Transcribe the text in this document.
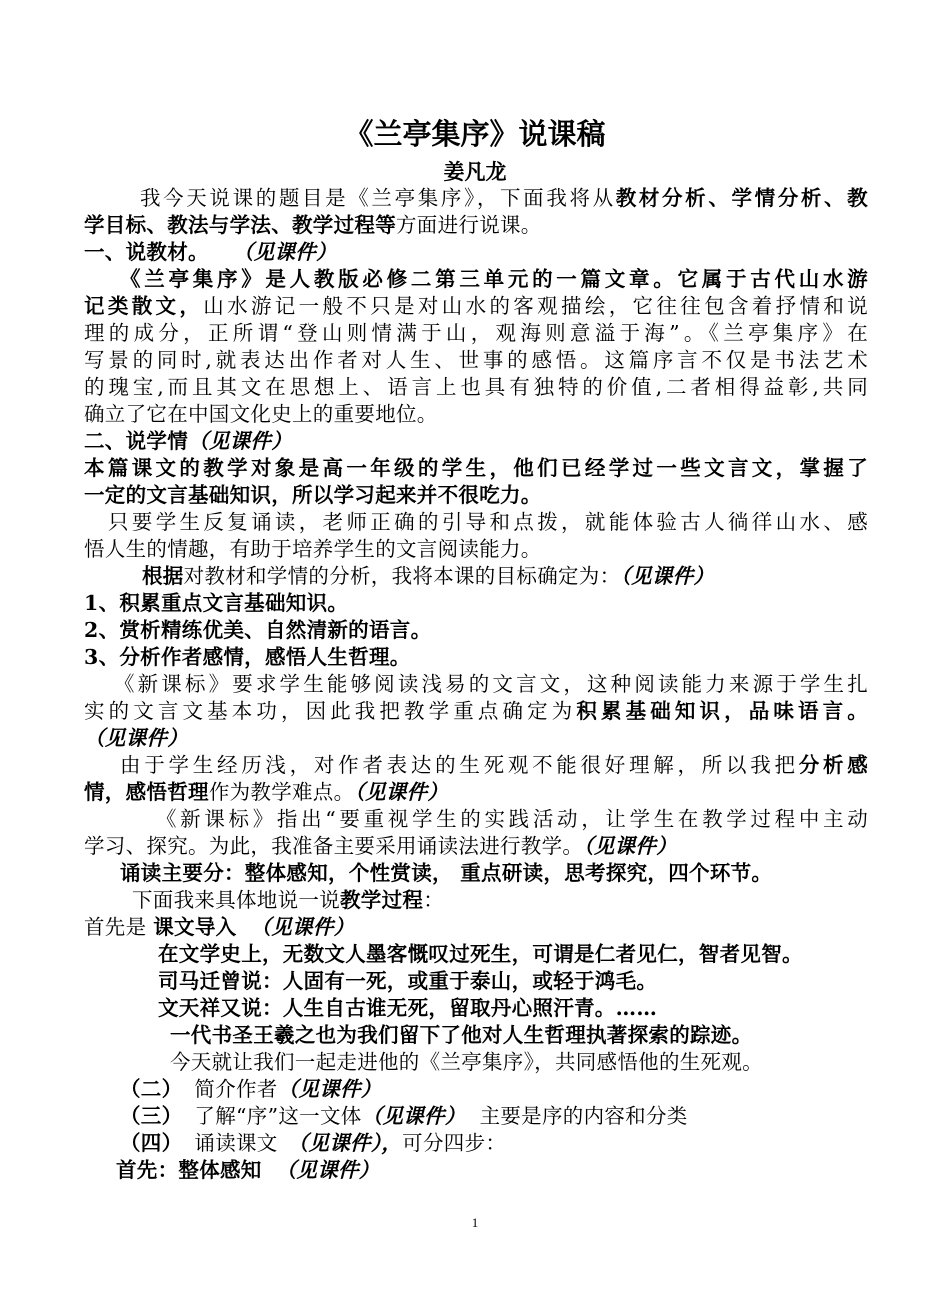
《兰亭集序》说课稿
姜凡龙
我今天说课的题目是《兰亭集序》，下面我将从教材分析、学情分析、教
学目标、教法与学法、教学过程等方面进行说课。
一、说教材。 （见课件）
《兰亭集序》是人教版必修二第三单元的一篇文章。它属于古代山水游
记类散文，山水游记一般不只是对山水的客观描绘，它往往包含着抒情和说
理的成分，正所谓“登山则情满于山，观海则意溢于海”。《兰亭集序》在
写景的同时,就表达出作者对人生、世事的感悟。这篇序言不仅是书法艺术
的瑰宝,而且其文在思想上、语言上也具有独特的价值,二者相得益彰,共同
确立了它在中国文化史上的重要地位。
二、说学情（见课件）
本篇课文的教学对象是高一年级的学生，他们已经学过一些文言文，掌握了
一定的文言基础知识，所以学习起来并不很吃力。
只要学生反复诵读，老师正确的引导和点拨，就能体验古人徜徉山水、感
悟人生的情趣，有助于培养学生的文言阅读能力。
根据对教材和学情的分析，我将本课的目标确定为：（见课件）
1、积累重点文言基础知识。
2、赏析精练优美、自然清新的语言。
3、分析作者感情，感悟人生哲理。
《新课标》要求学生能够阅读浅易的文言文，这种阅读能力来源于学生扎
实的文言文基本功，因此我把教学重点确定为积累基础知识，品味语言。
（见课件）
由于学生经历浅，对作者表达的生死观不能很好理解，所以我把分析感
情，感悟哲理作为教学难点。（见课件）
《新课标》指出“要重视学生的实践活动，让学生在教学过程中主动
学习、探究。为此，我准备主要采用诵读法进行教学。（见课件）
诵读主要分：整体感知，个性赏读， 重点研读，思考探究，四个环节。
下面我来具体地说一说教学过程：
首先是 课文导入 （见课件）
在文学史上，无数文人墨客慨叹过死生，可谓是仁者见仁，智者见智。
司马迁曾说：人固有一死，或重于泰山，或轻于鸿毛。
文天祥又说：人生自古谁无死，留取丹心照汗青。……
一代书圣王羲之也为我们留下了他对人生哲理执著探索的踪迹。
今天就让我们一起走进他的《兰亭集序》，共同感悟他的生死观。
（二） 简介作者（见课件）
（三） 了解“序”这一文体（见课件） 主要是序的内容和分类
（四） 诵读课文 （见课件），可分四步：
首先：整体感知 （见课件）
1
